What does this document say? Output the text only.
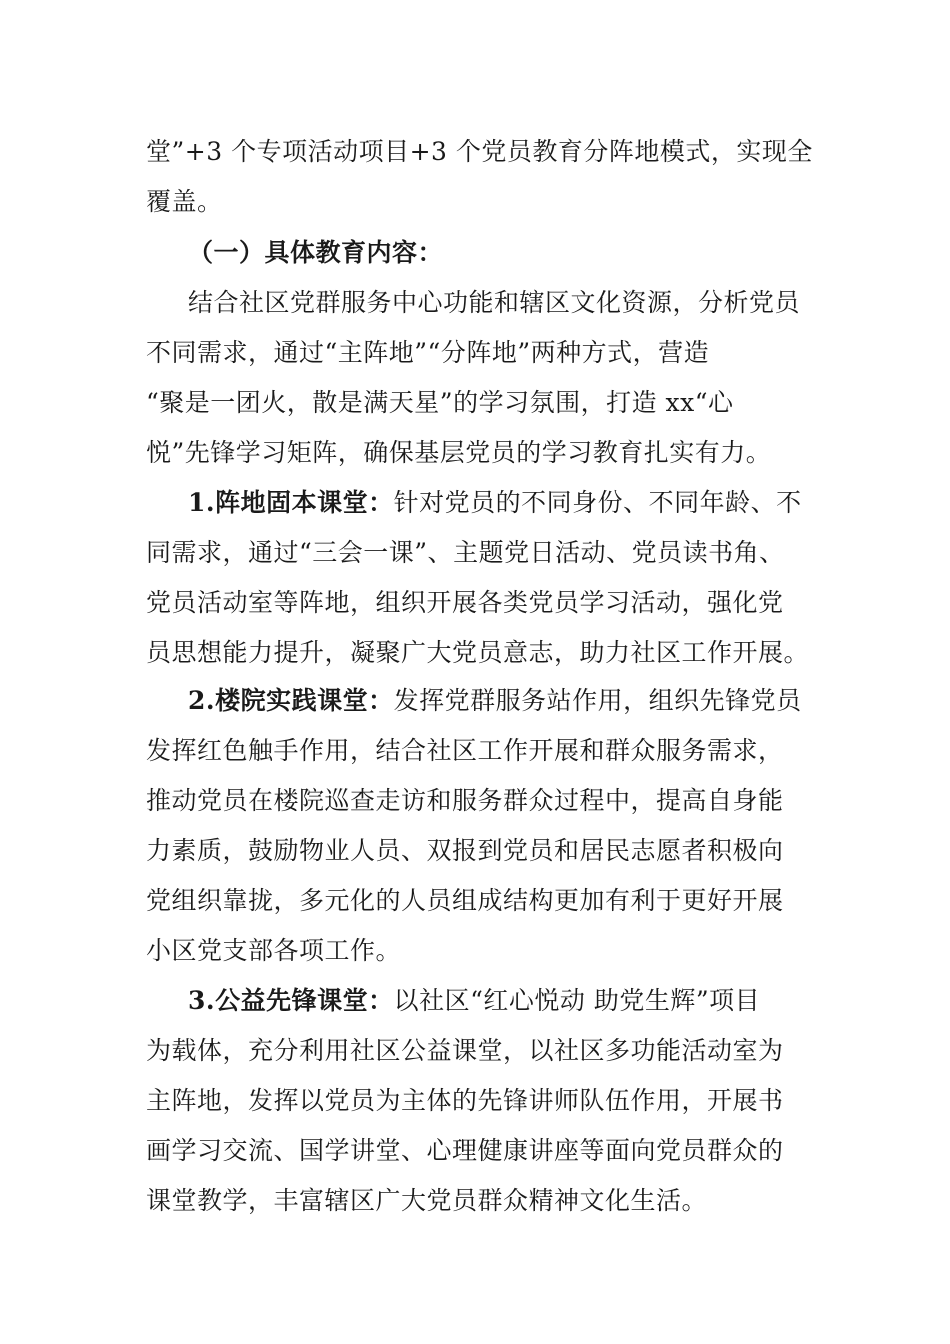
堂”+3 个专项活动项目+3 个党员教育分阵地模式，实现全
覆盖。
（一）具体教育内容：
结合社区党群服务中心功能和辖区文化资源，分析党员
不同需求，通过“主阵地”“分阵地”两种方式，营造
“聚是一团火，散是满天星”的学习氛围，打造 xx“心
悦”先锋学习矩阵，确保基层党员的学习教育扎实有力。
1.阵地固本课堂：针对党员的不同身份、不同年龄、不
同需求，通过“三会一课”、主题党日活动、党员读书角、
党员活动室等阵地，组织开展各类党员学习活动，强化党
员思想能力提升，凝聚广大党员意志，助力社区工作开展。
2.楼院实践课堂：发挥党群服务站作用，组织先锋党员
发挥红色触手作用，结合社区工作开展和群众服务需求，
推动党员在楼院巡查走访和服务群众过程中，提高自身能
力素质，鼓励物业人员、双报到党员和居民志愿者积极向
党组织靠拢，多元化的人员组成结构更加有利于更好开展
小区党支部各项工作。
3.公益先锋课堂：以社区“红心悦动 助党生辉”项目
为载体，充分利用社区公益课堂，以社区多功能活动室为
主阵地，发挥以党员为主体的先锋讲师队伍作用，开展书
画学习交流、国学讲堂、心理健康讲座等面向党员群众的
课堂教学，丰富辖区广大党员群众精神文化生活。
